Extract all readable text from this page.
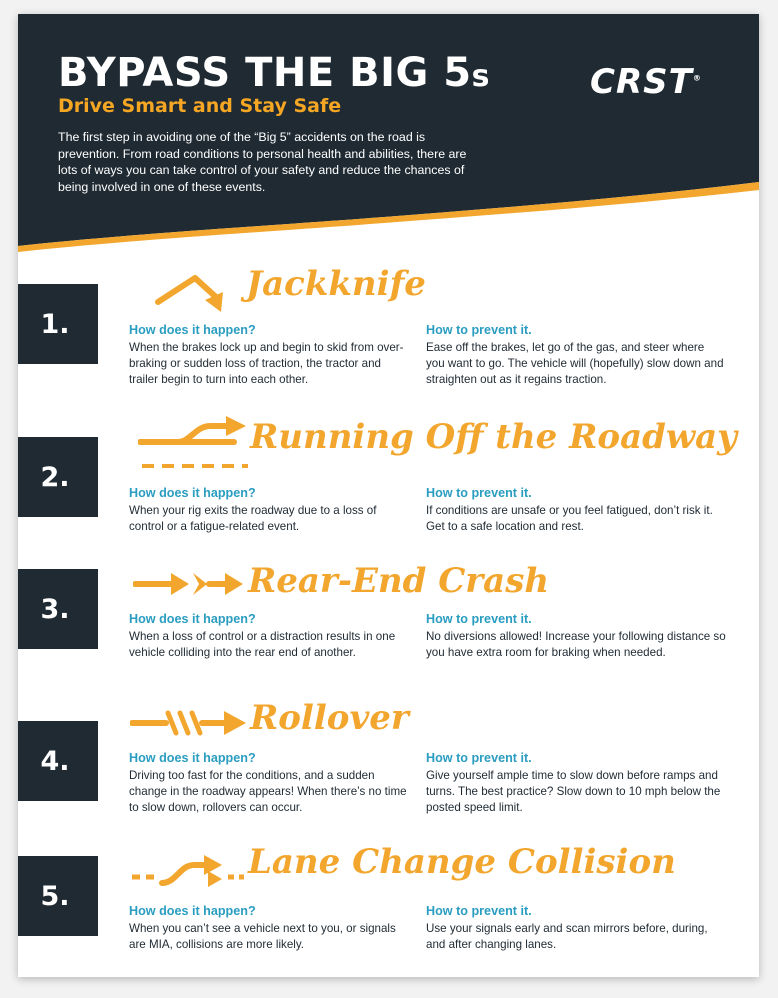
BYPASS THE BIG 5s
Drive Smart and Stay Safe

The first step in avoiding one of the “Big 5” accidents on the road is prevention. From road conditions to personal health and abilities, there are lots of ways you can take control of your safety and reduce the chances of being involved in one of these events.

CRST®
1.
Jackknife

How does it happen?

When the brakes lock up and begin to skid from over-braking or sudden loss of traction, the tractor and trailer begin to turn into each other.

How to prevent it.

Ease off the brakes, let go of the gas, and steer where you want to go. The vehicle will (hopefully) slow down and straighten out as it regains traction.

2.
Running Off the Roadway

How does it happen?

When your rig exits the roadway due to a loss of control or a fatigue-related event.

How to prevent it.

If conditions are unsafe or you feel fatigued, don’t risk it. Get to a safe location and rest.

3.
Rear-End Crash

How does it happen?

When a loss of control or a distraction results in one vehicle colliding into the rear end of another.

How to prevent it.

No diversions allowed! Increase your following distance so you have extra room for braking when needed.

4.
Rollover

How does it happen?

Driving too fast for the conditions, and a sudden change in the roadway appears! When there’s no time to slow down, rollovers can occur.

How to prevent it.

Give yourself ample time to slow down before ramps and turns. The best practice? Slow down to 10 mph below the posted speed limit.

5.
Lane Change Collision

How does it happen?

When you can’t see a vehicle next to you, or signals are MIA, collisions are more likely.

How to prevent it.

Use your signals early and scan mirrors before, during, and after changing lanes.
